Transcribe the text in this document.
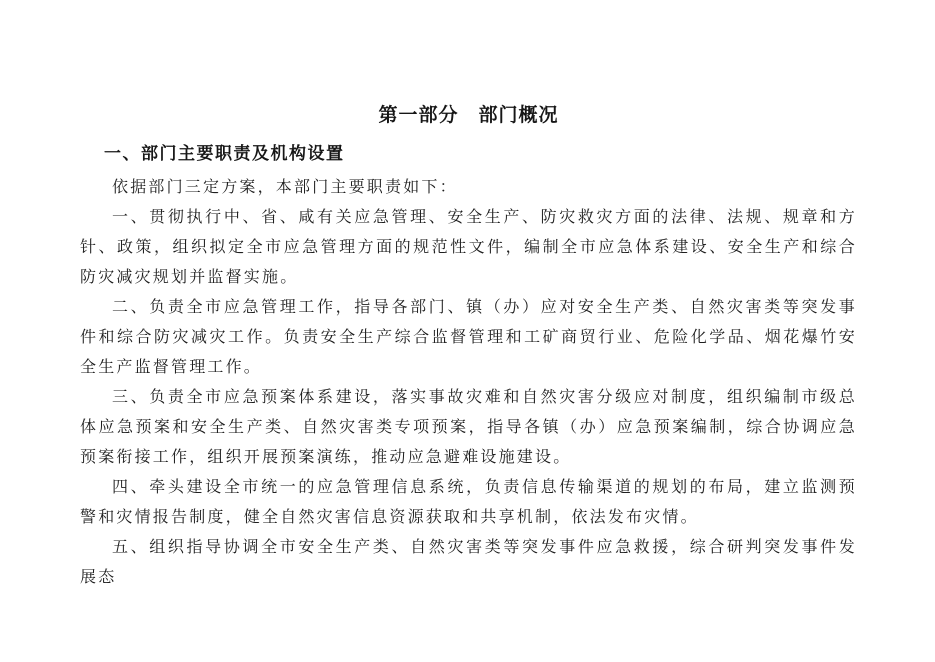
第一部分　部门概况
一、部门主要职责及机构设置

依据部门三定方案，本部门主要职责如下：

一、贯彻执行中、省、咸有关应急管理、安全生产、防灾救灾方面的法律、法规、规章和方针、政策，组织拟定全市应急管理方面的规范性文件，编制全市应急体系建设、安全生产和综合防灾减灾规划并监督实施。

二、负责全市应急管理工作，指导各部门、镇（办）应对安全生产类、自然灾害类等突发事件和综合防灾减灾工作。负责安全生产综合监督管理和工矿商贸行业、危险化学品、烟花爆竹安全生产监督管理工作。

三、负责全市应急预案体系建设，落实事故灾难和自然灾害分级应对制度，组织编制市级总体应急预案和安全生产类、自然灾害类专项预案，指导各镇（办）应急预案编制，综合协调应急预案衔接工作，组织开展预案演练，推动应急避难设施建设。

四、牵头建设全市统一的应急管理信息系统，负责信息传输渠道的规划的布局，建立监测预警和灾情报告制度，健全自然灾害信息资源获取和共享机制，依法发布灾情。

五、组织指导协调全市安全生产类、自然灾害类等突发事件应急救援，综合研判突发事件发展态
